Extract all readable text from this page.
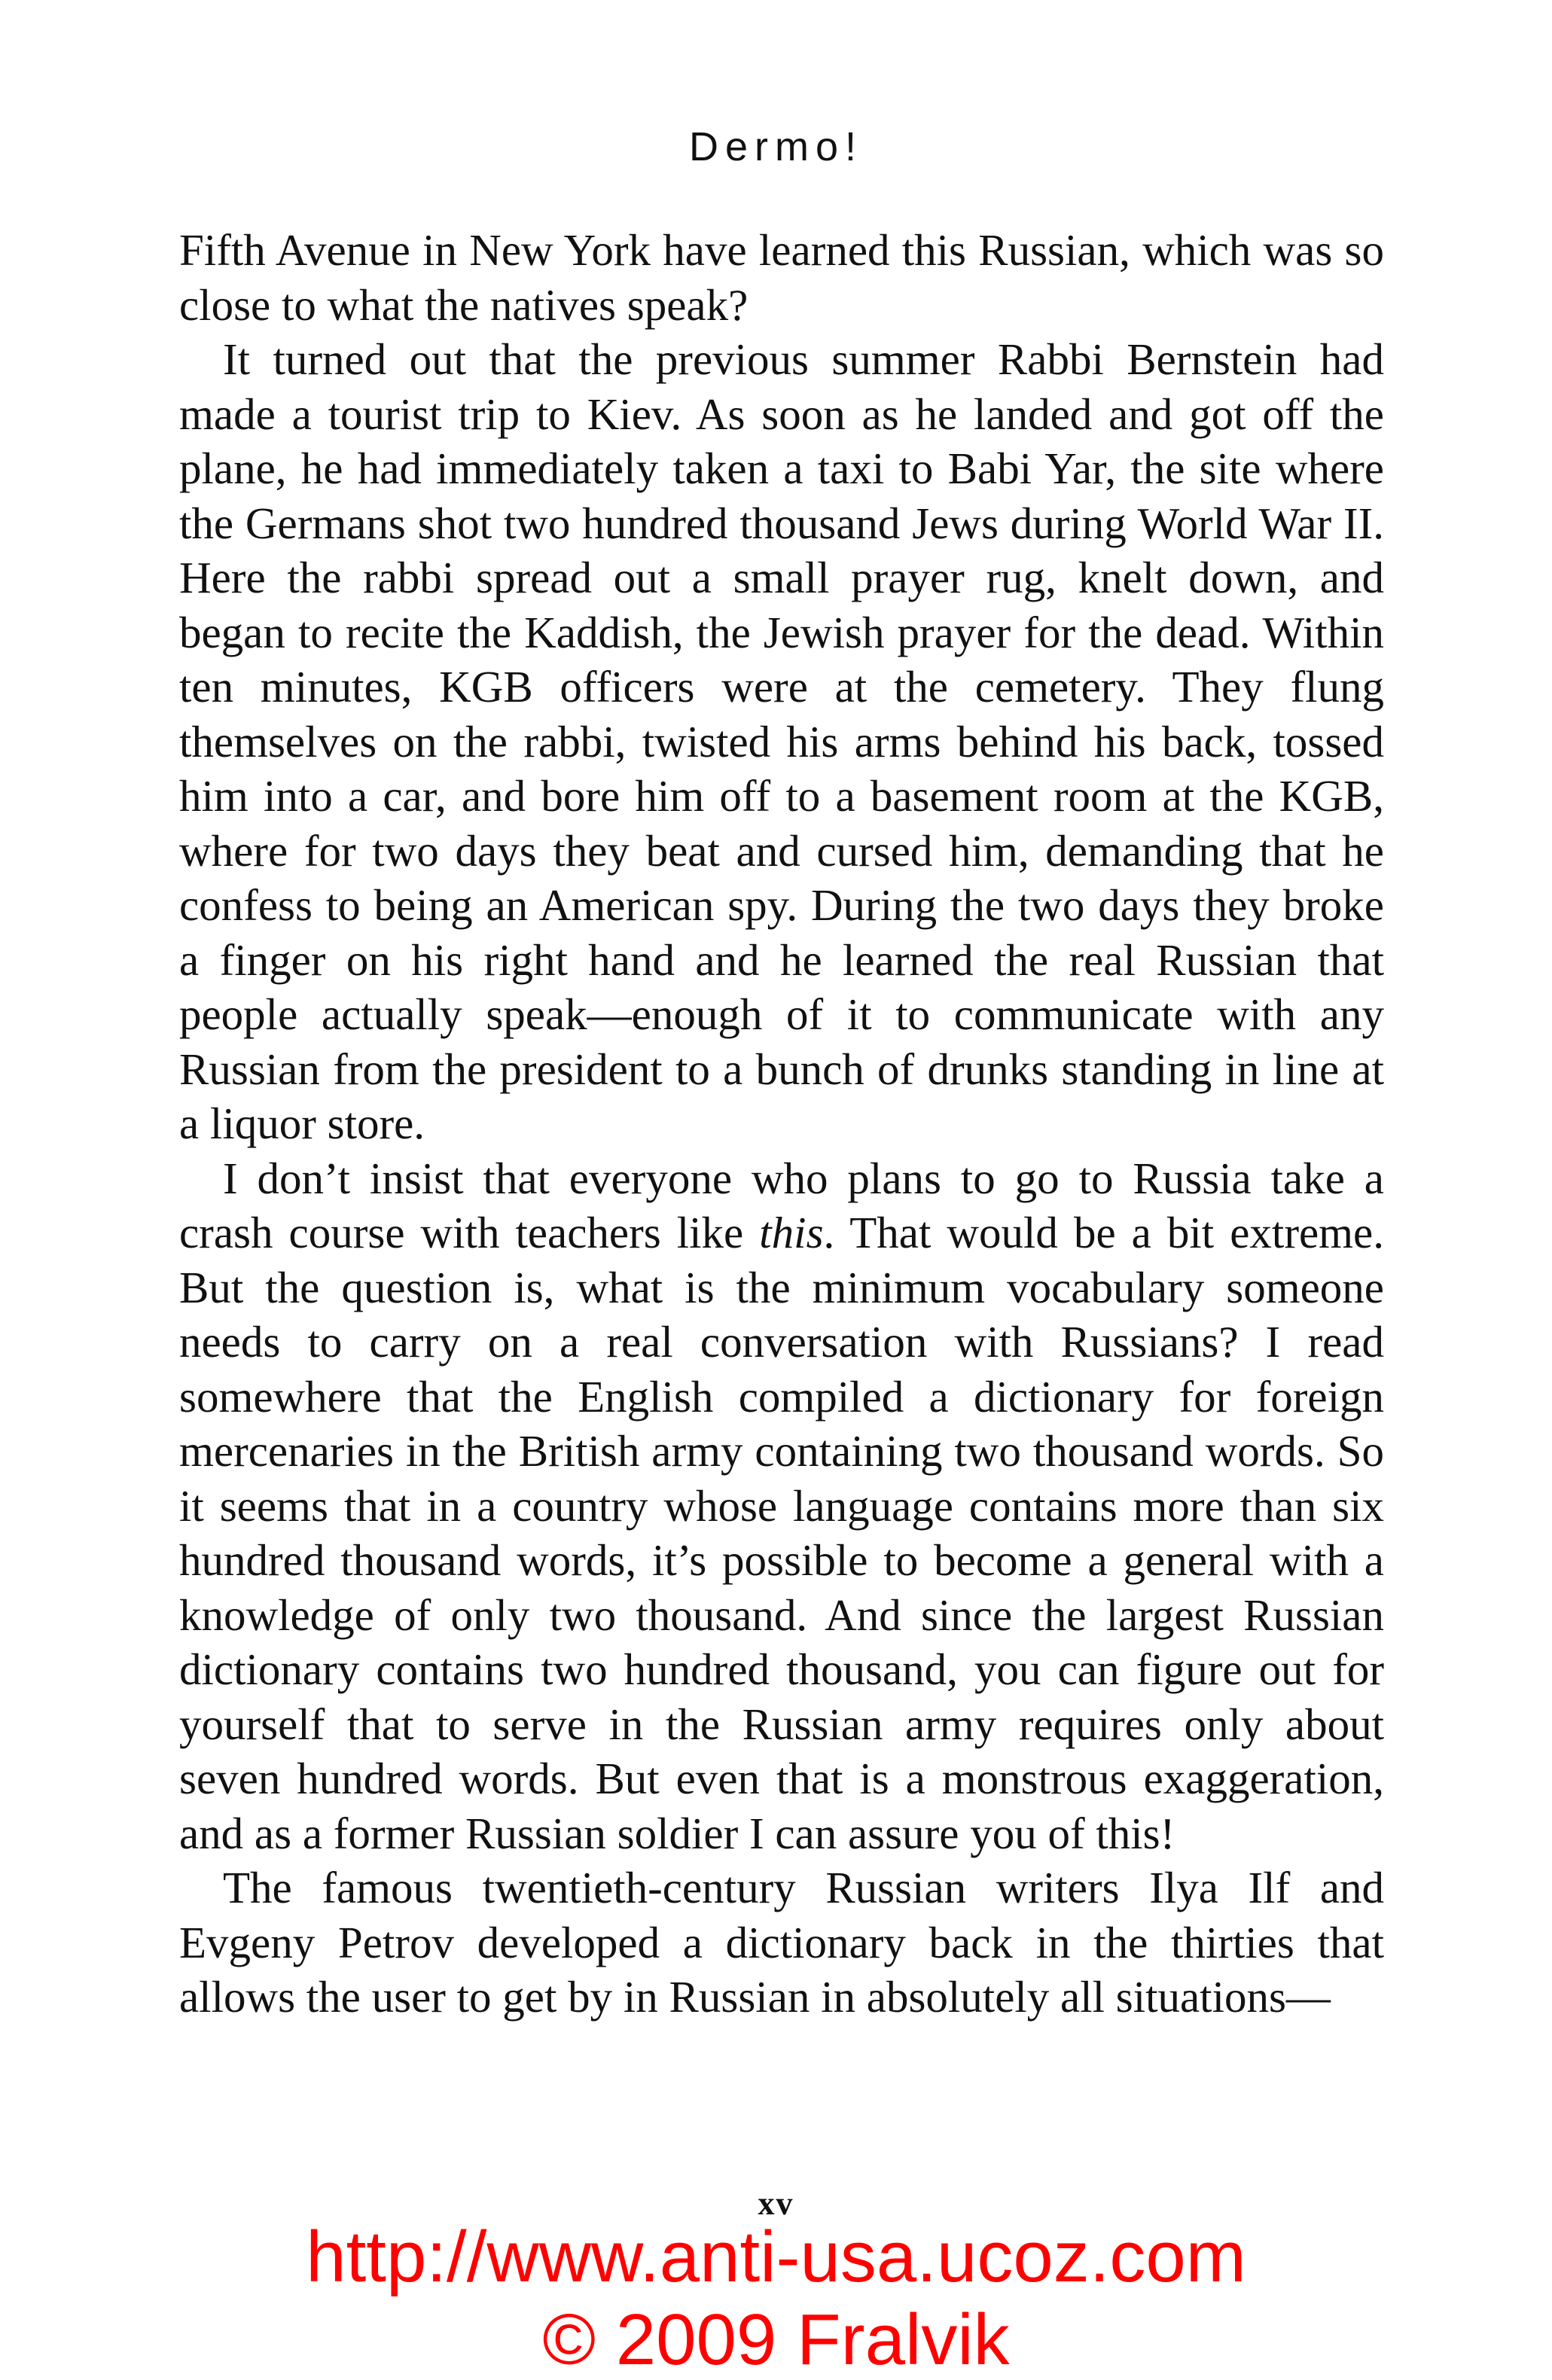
Dermo!

Fifth Avenue in New York have learned this Russian, which was so close to what the natives speak?

It turned out that the previous summer Rabbi Bernstein had made a tourist trip to Kiev. As soon as he landed and got off the plane, he had immediately taken a taxi to Babi Yar, the site where the Germans shot two hundred thousand Jews during World War II. Here the rabbi spread out a small prayer rug, knelt down, and began to recite the Kaddish, the Jewish prayer for the dead. Within ten minutes, KGB officers were at the cemetery. They flung themselves on the rabbi, twisted his arms behind his back, tossed him into a car, and bore him off to a basement room at the KGB, where for two days they beat and cursed him, demanding that he confess to being an American spy. During the two days they broke a finger on his right hand and he learned the real Russian that people actually speak—enough of it to communicate with any Russian from the president to a bunch of drunks standing in line at a liquor store.

I don’t insist that everyone who plans to go to Russia take a crash course with teachers like this. That would be a bit extreme. But the question is, what is the minimum vocabulary someone needs to carry on a real conversation with Russians? I read somewhere that the English compiled a dictionary for foreign mercenaries in the British army containing two thousand words. So it seems that in a country whose language contains more than six hundred thousand words, it’s possible to become a general with a knowledge of only two thousand. And since the largest Russian dictionary contains two hundred thousand, you can figure out for yourself that to serve in the Russian army requires only about seven hundred words. But even that is a monstrous exaggeration, and as a former Russian soldier I can assure you of this!

The famous twentieth-century Russian writers Ilya Ilf and Evgeny Petrov developed a dictionary back in the thirties that allows the user to get by in Russian in absolutely all situations—

xv
http://www.anti-usa.ucoz.com
© 2009 Fralvik
